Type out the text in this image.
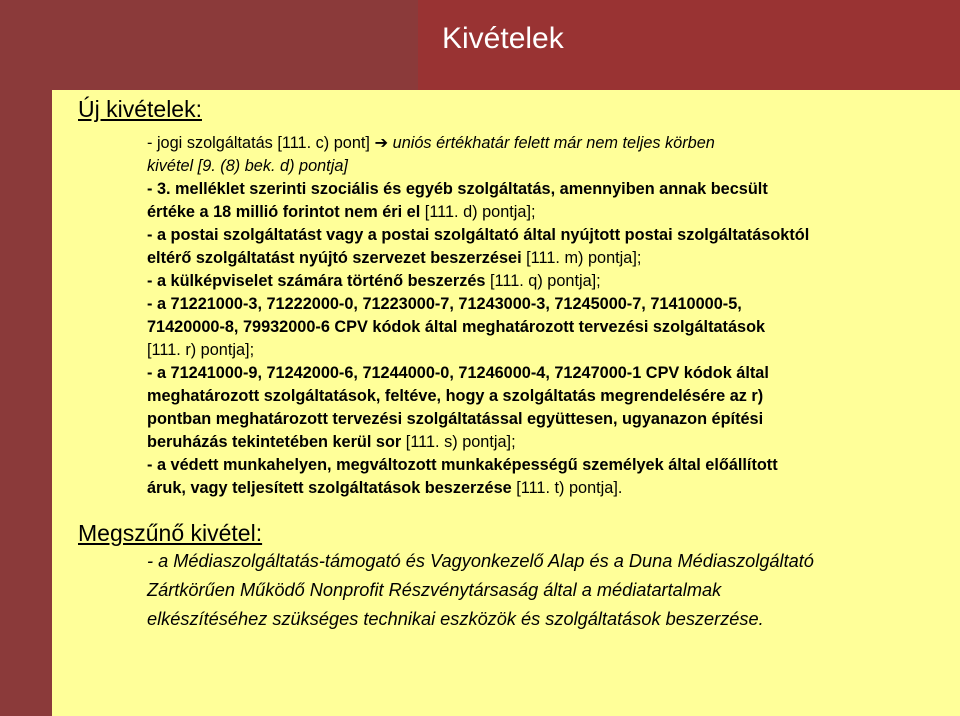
Kivételek
Új kivételek:
- jogi szolgáltatás [111. c) pont] ➔ uniós értékhatár felett már nem teljes körben
kivétel [9. (8) bek. d) pontja]
- 3. melléklet szerinti szociális és egyéb szolgáltatás, amennyiben annak becsült
értéke a 18 millió forintot nem éri el [111. d) pontja];
- a postai szolgáltatást vagy a postai szolgáltató által nyújtott postai szolgáltatásoktól
eltérő szolgáltatást nyújtó szervezet beszerzései [111. m) pontja];
- a külképviselet számára történő beszerzés [111. q) pontja];
- a 71221000-3, 71222000-0, 71223000-7, 71243000-3, 71245000-7, 71410000-5,
71420000-8, 79932000-6 CPV kódok által meghatározott tervezési szolgáltatások
[111. r) pontja];
- a 71241000-9, 71242000-6, 71244000-0, 71246000-4, 71247000-1 CPV kódok által
meghatározott szolgáltatások, feltéve, hogy a szolgáltatás megrendelésére az r)
pontban meghatározott tervezési szolgáltatással együttesen, ugyanazon építési
beruházás tekintetében kerül sor [111. s) pontja];
- a védett munkahelyen, megváltozott munkaképességű személyek által előállított
áruk, vagy teljesített szolgáltatások beszerzése [111. t) pontja].
Megszűnő kivétel:
- a Médiaszolgáltatás-támogató és Vagyonkezelő Alap és a Duna Médiaszolgáltató
Zártkörűen Működő Nonprofit Részvénytársaság által a médiatartalmak
elkészítéséhez szükséges technikai eszközök és szolgáltatások beszerzése.
